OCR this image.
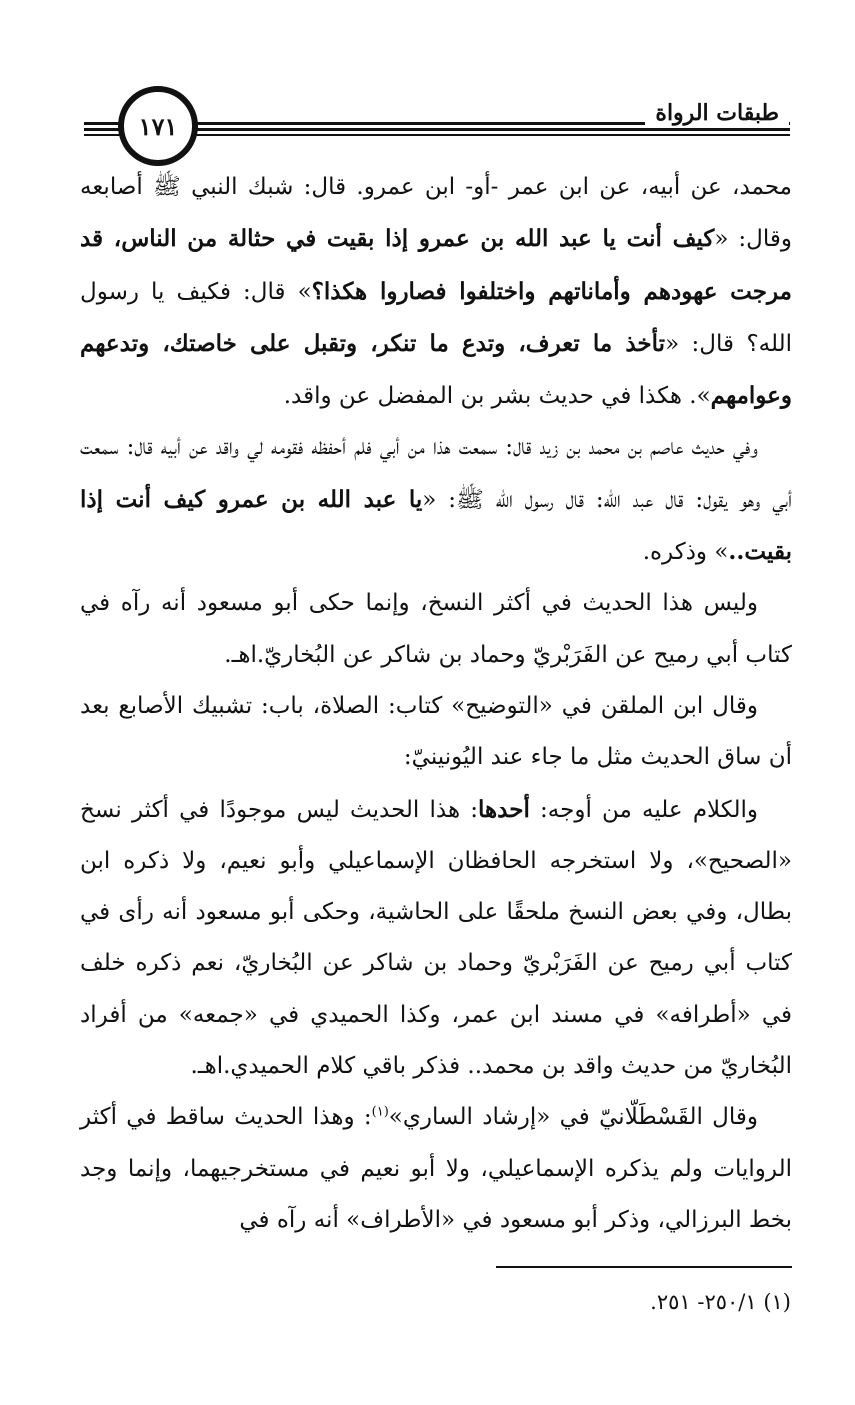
طبقات الرواة
١٧١

محمد، عن أبيه، عن ابن عمر -أو- ابن عمرو. قال: شبك النبي ﷺ أصابعه وقال: «كيف أنت يا عبد الله بن عمرو إذا بقيت في حثالة من الناس، قد مرجت عهودهم وأماناتهم واختلفوا فصاروا هكذا؟» قال: فكيف يا رسول الله؟ قال: «تأخذ ما تعرف، وتدع ما تنكر، وتقبل على خاصتك، وتدعهم وعوامهم». هكذا في حديث بشر بن المفضل عن واقد.

وفي حديث عاصم بن محمد بن زيد قال: سمعت هذا من أبي فلم أحفظه فقومه لي واقد عن أبيه قال: سمعت أبي وهو يقول: قال عبد الله: قال رسول الله ﷺ: «يا عبد الله بن عمرو كيف أنت إذا بقيت..» وذكره.

وليس هذا الحديث في أكثر النسخ، وإنما حكى أبو مسعود أنه رآه في كتاب أبي رميح عن الفَرَبْريّ وحماد بن شاكر عن البُخاريّ.اهـ.

وقال ابن الملقن في «التوضيح» كتاب: الصلاة، باب: تشبيك الأصابع بعد أن ساق الحديث مثل ما جاء عند اليُونينيّ:

والكلام عليه من أوجه: أحدها: هذا الحديث ليس موجودًا في أكثر نسخ «الصحيح»، ولا استخرجه الحافظان الإسماعيلي وأبو نعيم، ولا ذكره ابن بطال، وفي بعض النسخ ملحقًا على الحاشية، وحكى أبو مسعود أنه رأى في كتاب أبي رميح عن الفَرَبْريّ وحماد بن شاكر عن البُخاريّ، نعم ذكره خلف في «أطرافه» في مسند ابن عمر، وكذا الحميدي في «جمعه» من أفراد البُخاريّ من حديث واقد بن محمد.. فذكر باقي كلام الحميدي.اهـ.

وقال القَسْطَلّانيّ في «إرشاد الساري»$^{(١)}$: وهذا الحديث ساقط في أكثر الروايات ولم يذكره الإسماعيلي، ولا أبو نعيم في مستخرجيهما، وإنما وجد بخط البرزالي، وذكر أبو مسعود في «الأطراف» أنه رآه في

(١) ٢٥٠/١- ٢٥١.
